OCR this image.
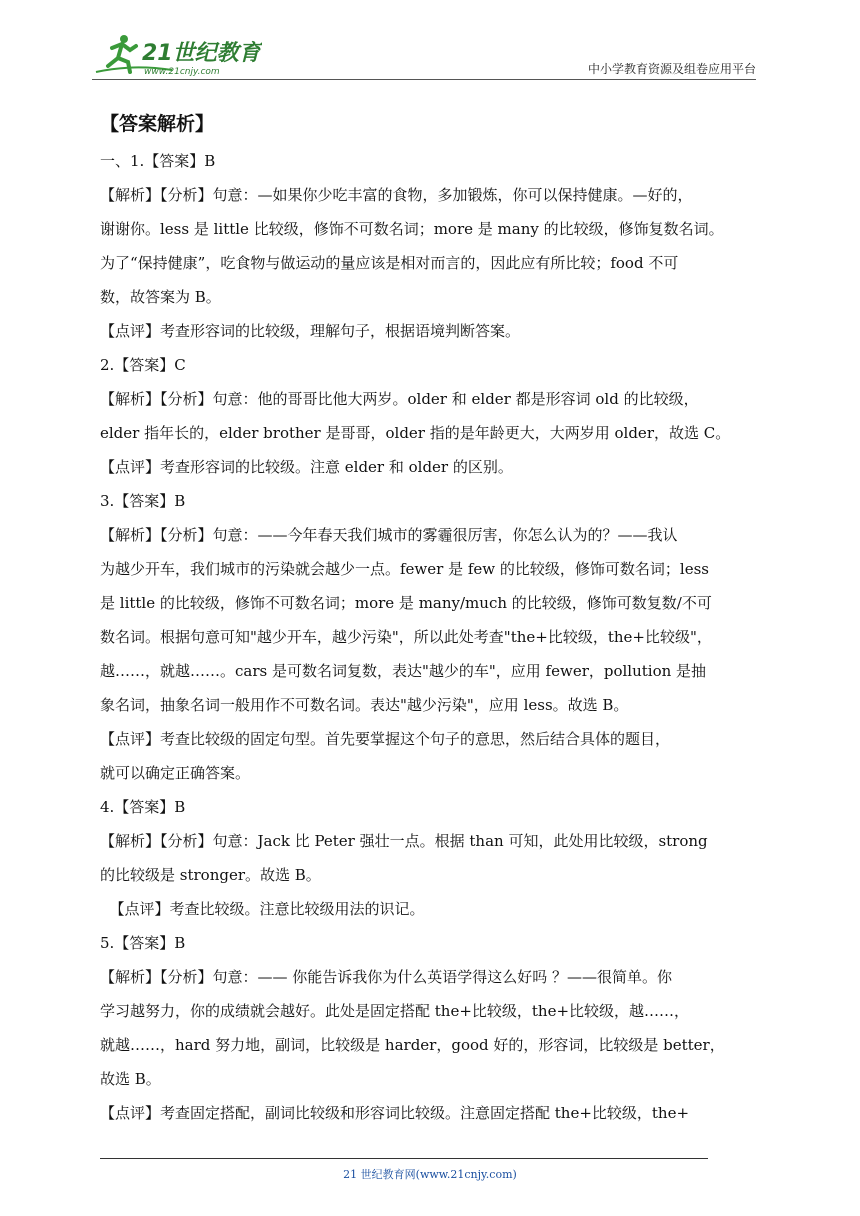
21世纪教育
www.21cnjy.com	中小学教育资源及组卷应用平台
【答案解析】
一、1.【答案】B
【解析】【分析】句意：—如果你少吃丰富的食物，多加锻炼，你可以保持健康。—好的，
谢谢你。less 是 little 比较级，修饰不可数名词；more 是 many 的比较级，修饰复数名词。
为了“保持健康”，吃食物与做运动的量应该是相对而言的，因此应有所比较；food 不可
数，故答案为 B。
【点评】考查形容词的比较级，理解句子，根据语境判断答案。
2.【答案】C
【解析】【分析】句意：他的哥哥比他大两岁。older 和 elder 都是形容词 old 的比较级，
elder 指年长的，elder brother 是哥哥，older 指的是年龄更大，大两岁用 older，故选 C。
【点评】考查形容词的比较级。注意 elder 和 older 的区别。
3.【答案】B
【解析】【分析】句意：——今年春天我们城市的雾霾很厉害，你怎么认为的？——我认
为越少开车，我们城市的污染就会越少一点。fewer 是 few 的比较级，修饰可数名词；less
是 little 的比较级，修饰不可数名词；more 是 many/much 的比较级，修饰可数复数/不可
数名词。根据句意可知"越少开车，越少污染"，所以此处考查"the+比较级，the+比较级"，
越……，就越……。cars 是可数名词复数，表达"越少的车"，应用 fewer，pollution 是抽
象名词，抽象名词一般用作不可数名词。表达"越少污染"，应用 less。故选 B。
【点评】考查比较级的固定句型。首先要掌握这个句子的意思，然后结合具体的题目，
就可以确定正确答案。
4.【答案】B
【解析】【分析】句意：Jack 比 Peter 强壮一点。根据 than 可知，此处用比较级，strong
的比较级是 stronger。故选 B。
【点评】考查比较级。注意比较级用法的识记。
5.【答案】B
【解析】【分析】句意：—— 你能告诉我你为什么英语学得这么好吗 ？——很简单。你
学习越努力，你的成绩就会越好。此处是固定搭配 the+比较级，the+比较级，越……，
就越……，hard 努力地，副词，比较级是 harder，good 好的，形容词，比较级是 better，
故选 B。
【点评】考查固定搭配，副词比较级和形容词比较级。注意固定搭配 the+比较级，the+
21 世纪教育网(www.21cnjy.com)
